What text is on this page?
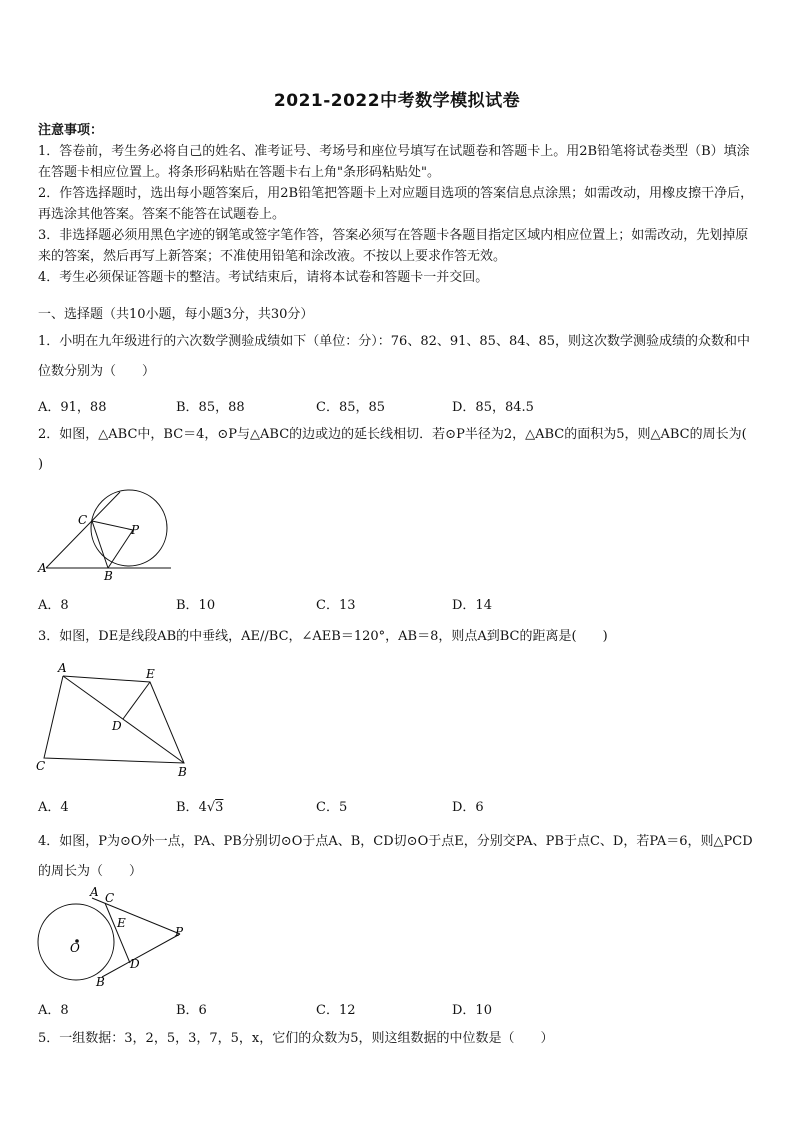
2021-2022中考数学模拟试卷

注意事项：

1．答卷前，考生务必将自己的姓名、准考证号、考场号和座位号填写在试题卷和答题卡上。用2B铅笔将试卷类型（B）填涂在答题卡相应位置上。将条形码粘贴在答题卡右上角"条形码粘贴处"。

2．作答选择题时，选出每小题答案后，用2B铅笔把答题卡上对应题目选项的答案信息点涂黑；如需改动，用橡皮擦干净后，再选涂其他答案。答案不能答在试题卷上。

3．非选择题必须用黑色字迹的钢笔或签字笔作答，答案必须写在答题卡各题目指定区域内相应位置上；如需改动，先划掉原来的答案，然后再写上新答案；不准使用铅笔和涂改液。不按以上要求作答无效。

4．考生必须保证答题卡的整洁。考试结束后，请将本试卷和答题卡一并交回。

一、选择题（共10小题，每小题3分，共30分）

1．小明在九年级进行的六次数学测验成绩如下（单位：分）：76、82、91、85、84、85，则这次数学测验成绩的众数和中位数分别为（　　）

A．91，88	B．85，88	C．85，85	D．85，84.5

2．如图，△ABC中，BC＝4，⊙P与△ABC的边或边的延长线相切．若⊙P半径为2，△ABC的面积为5，则△ABC的周长为(　 )

A
B
C
P
A．8	B．10	C．13	D．14

3．如图，DE是线段AB的中垂线，AE//BC，∠AEB＝120°，AB＝8，则点A到BC的距离是(　　)

A	E
D
C	B
A．4	B．4√3	C．5	D．6

4．如图，P为⊙O外一点，PA、PB分别切⊙O于点A、B，CD切⊙O于点E，分别交PA、PB于点C、D，若PA＝6，则△PCD的周长为（　　）

A C
E
O
P
D
B
A．8	B．6	C．12	D．10

5．一组数据：3，2，5，3，7，5，x，它们的众数为5，则这组数据的中位数是（　　）
